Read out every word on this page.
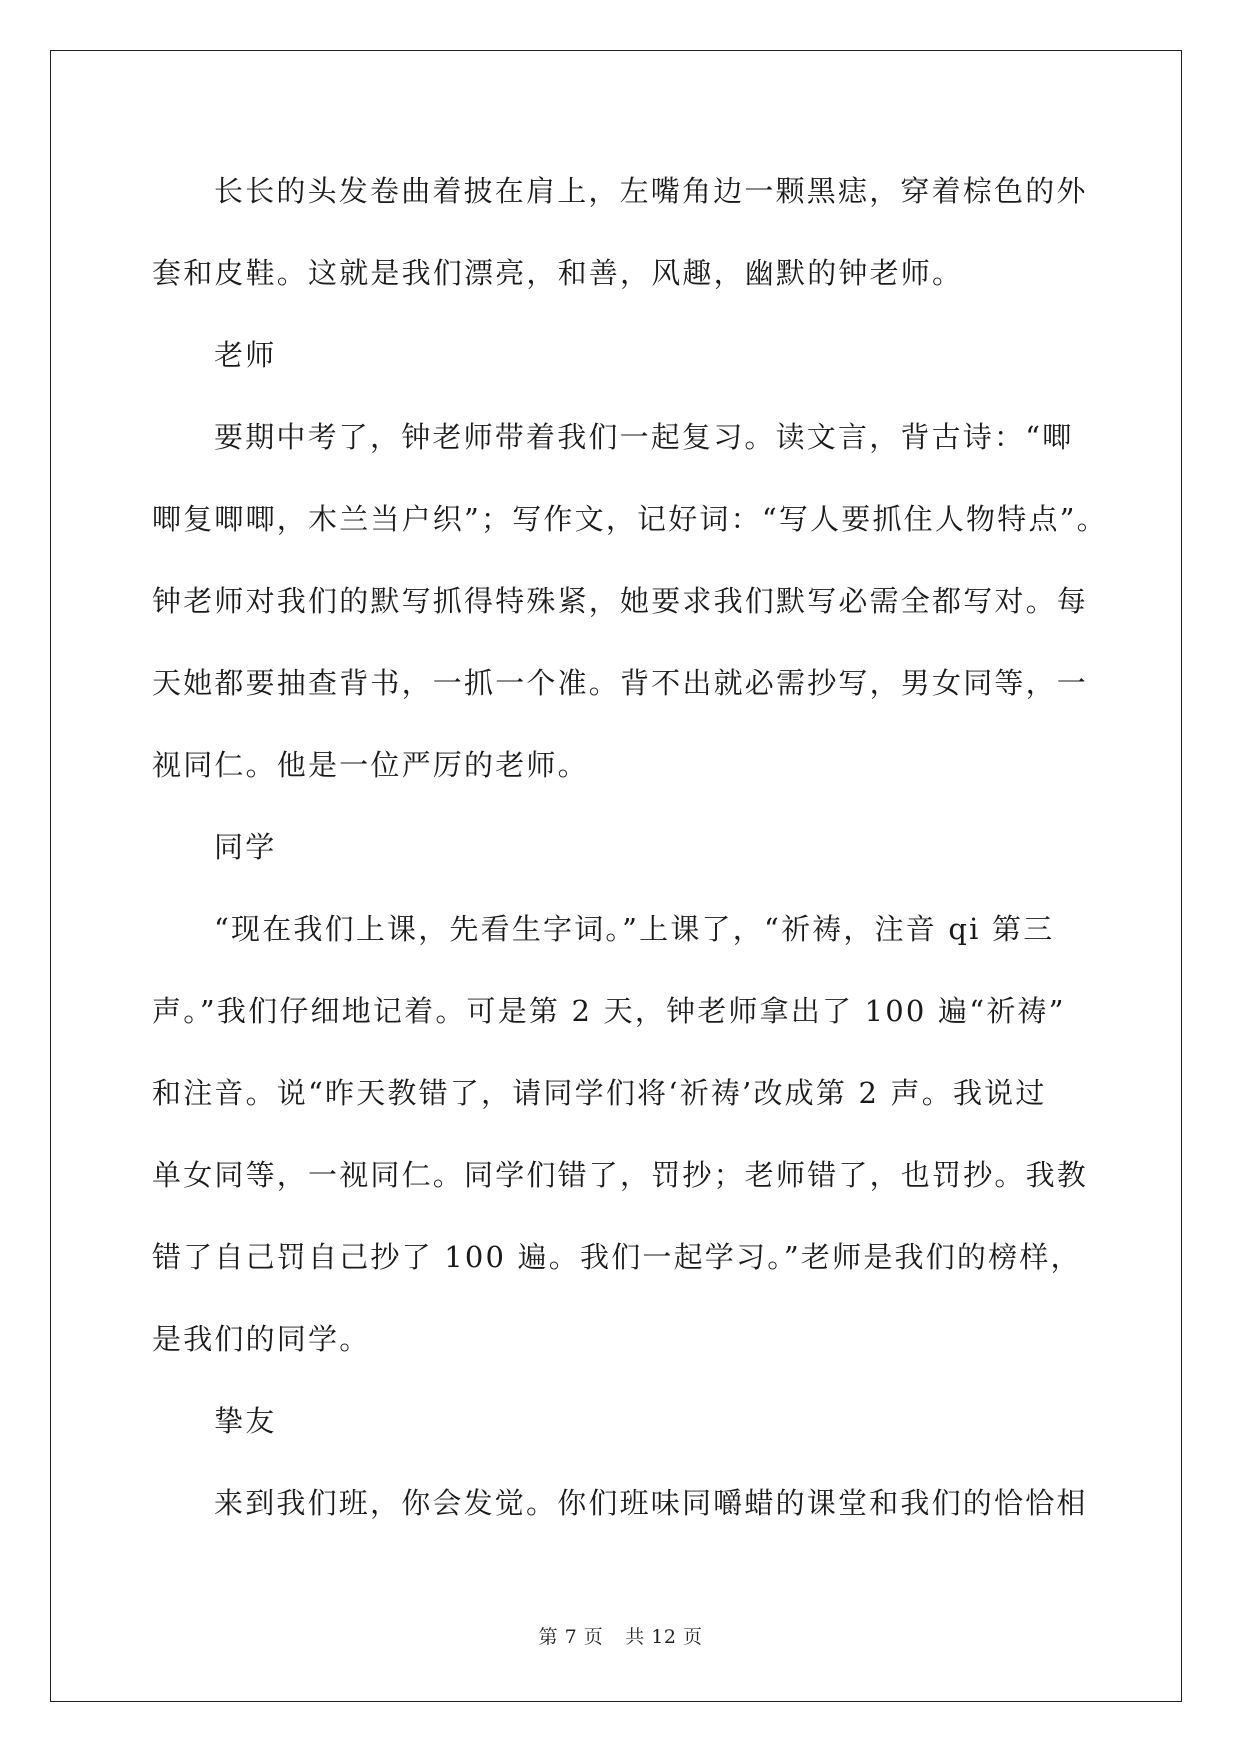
长长的头发卷曲着披在肩上，左嘴角边一颗黑痣，穿着棕色的外
套和皮鞋。这就是我们漂亮，和善，风趣，幽默的钟老师。
老师
要期中考了，钟老师带着我们一起复习。读文言，背古诗：“唧
唧复唧唧，木兰当户织”；写作文，记好词：“写人要抓住人物特点”。
钟老师对我们的默写抓得特殊紧，她要求我们默写必需全都写对。每
天她都要抽查背书，一抓一个准。背不出就必需抄写，男女同等，一
视同仁。他是一位严厉的老师。
同学
“现在我们上课，先看生字词。”上课了，“祈祷，注音 qi 第三
声。”我们仔细地记着。可是第 2 天，钟老师拿出了 100 遍“祈祷”
和注音。说“昨天教错了，请同学们将‘祈祷’改成第 2 声。我说过
单女同等，一视同仁。同学们错了，罚抄；老师错了，也罚抄。我教
错了自己罚自己抄了 100 遍。我们一起学习。”老师是我们的榜样，
是我们的同学。
挚友
来到我们班，你会发觉。你们班味同嚼蜡的课堂和我们的恰恰相
第 7 页 共 12 页
